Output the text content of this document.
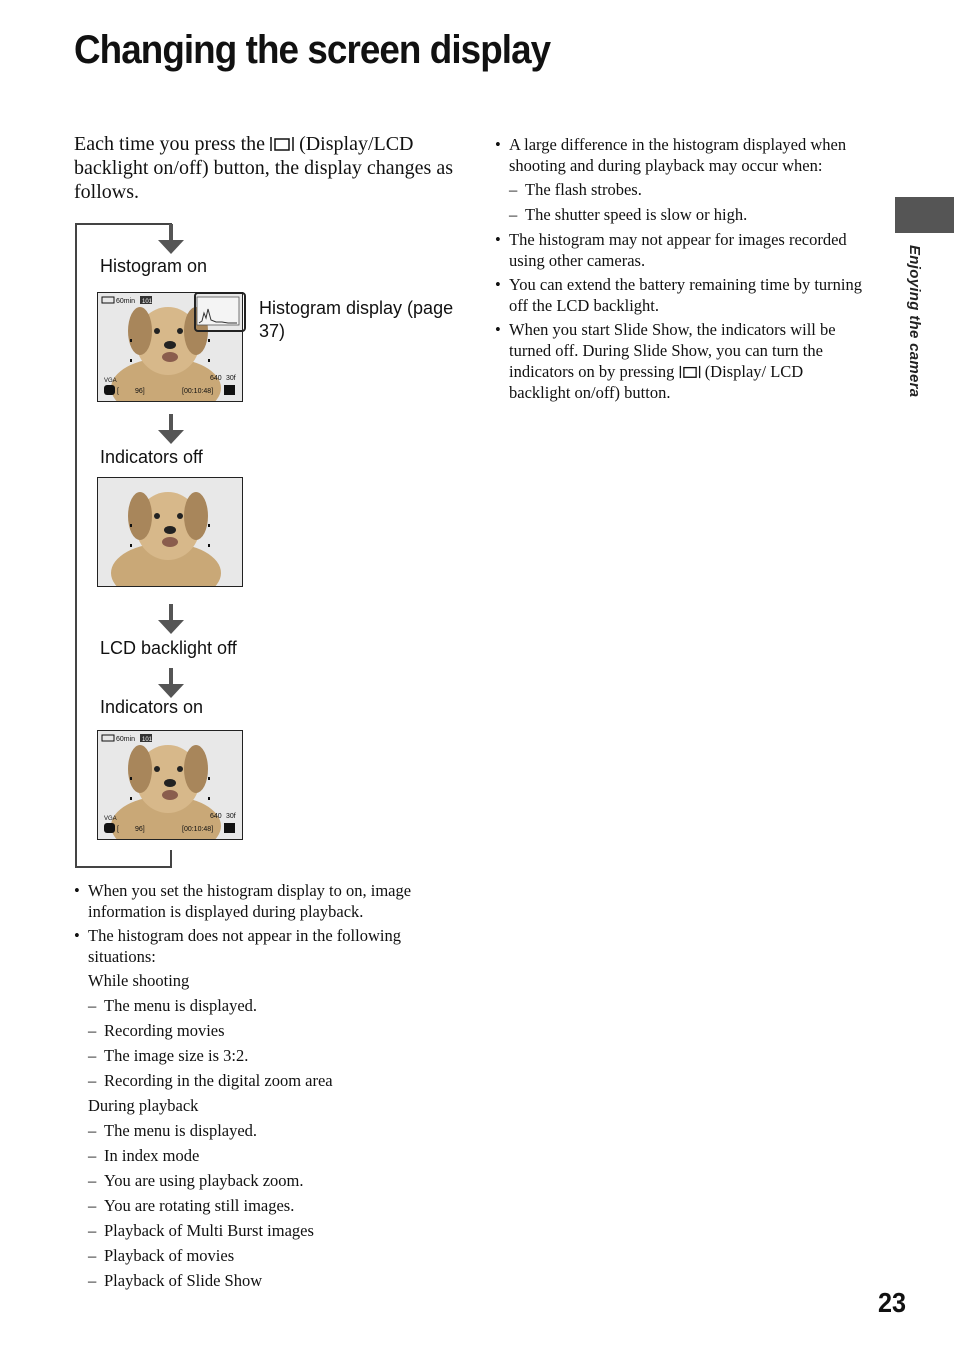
Changing the screen display

Each time you press the (Display/LCD backlight on/off) button, the display changes as follows.

Histogram on
60min 101
640 30f
VGA
[ 96]	[00:10:48]
Histogram display (page 37)
Indicators off
LCD backlight off
Indicators on
60min 101
640 30f
VGA
[ 96]	[00:10:48]
• When you set the histogram display to on, image information is displayed during playback.
• The histogram does not appear in the following situations:
While shooting
– The menu is displayed.
– Recording movies
– The image size is 3:2.
– Recording in the digital zoom area
During playback
– The menu is displayed.
– In index mode
– You are using playback zoom.
– You are rotating still images.
– Playback of Multi Burst images
– Playback of movies
– Playback of Slide Show
• A large difference in the histogram displayed when shooting and during playback may occur when:
– The flash strobes.
– The shutter speed is slow or high.
• The histogram may not appear for images recorded using other cameras.
• You can extend the battery remaining time by turning off the LCD backlight.
• When you start Slide Show, the indicators will be turned off. During Slide Show, you can turn the indicators on by pressing (Display/ LCD backlight on/off) button.	Enjoying the camera
23
